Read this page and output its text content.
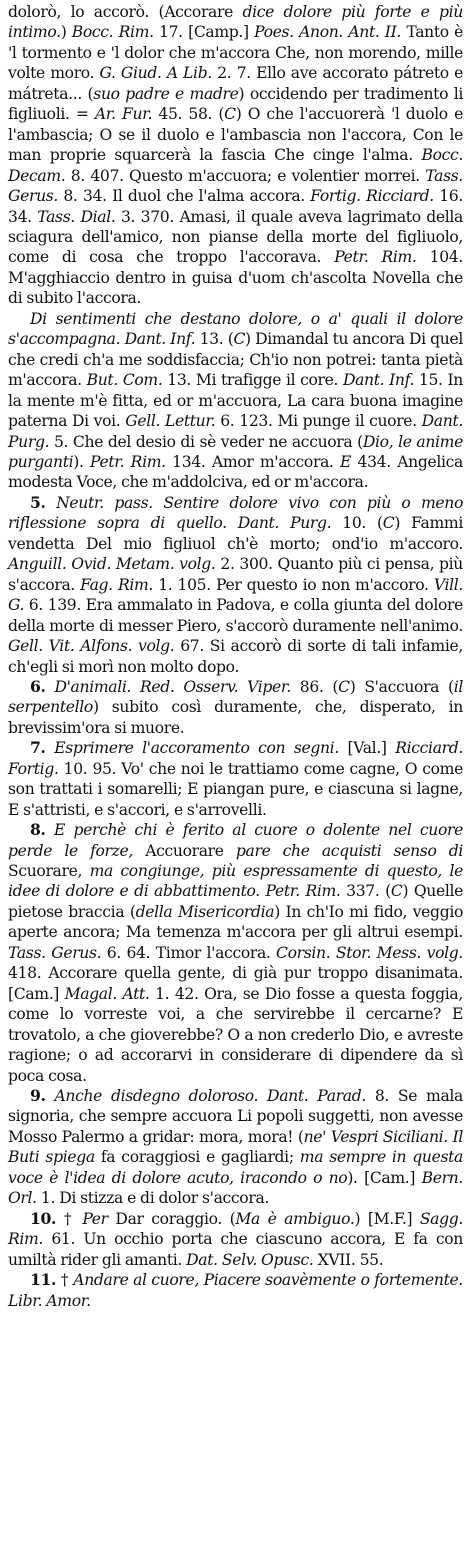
dolorò, lo accorò. (Accorare dice dolore più forte e più intimo.) Bocc. Rim. 17. [Camp.] Poes. Anon. Ant. II. Tanto è 'l tormento e 'l dolor che m'accora Che, non morendo, mille volte moro. G. Giud. A Lib. 2. 7. Ello ave accorato pátreto e mátreta... (suo padre e madre) occidendo per tradimento li figliuoli. = Ar. Fur. 45. 58. (C) O che l'accuorerà 'l duolo e l'ambascia; O se il duolo e l'ambascia non l'accora, Con le man proprie squarcerà la fascia Che cinge l'alma. Bocc. Decam. 8. 407. Questo m'accuora; e volentier morrei. Tass. Gerus. 8. 34. Il duol che l'alma accora. Fortig. Ricciard. 16. 34. Tass. Dial. 3. 370. Amasi, il quale aveva lagrimato della sciagura dell'amico, non pianse della morte del figliuolo, come di cosa che troppo l'accorava. Petr. Rim. 104. M'agghiaccio dentro in guisa d'uom ch'ascolta Novella che di subito l'accora.

Di sentimenti che destano dolore, o a' quali il dolore s'accompagna. Dant. Inf. 13. (C) Dimandal tu ancora Di quel che credi ch'a me soddisfaccia; Ch'io non potrei: tanta pietà m'accora. But. Com. 13. Mi trafigge il core. Dant. Inf. 15. In la mente m'è fitta, ed or m'accuora, La cara buona imagine paterna Di voi. Gell. Lettur. 6. 123. Mi punge il cuore. Dant. Purg. 5. Che del desio di sè veder ne accuora (Dio, le anime purganti). Petr. Rim. 134. Amor m'accora. E 434. Angelica modesta Voce, che m'addolciva, ed or m'accora.

5. Neutr. pass. Sentire dolore vivo con più o meno riflessione sopra di quello. Dant. Purg. 10. (C) Fammi vendetta Del mio figliuol ch'è morto; ond'io m'accoro. Anguill. Ovid. Metam. volg. 2. 300. Quanto più ci pensa, più s'accora. Fag. Rim. 1. 105. Per questo io non m'accoro. Vill. G. 6. 139. Era ammalato in Padova, e colla giunta del dolore della morte di messer Piero, s'accorò duramente nell'animo. Gell. Vit. Alfons. volg. 67. Si accorò di sorte di tali infamie, ch'egli si morì non molto dopo.

6. D'animali. Red. Osserv. Viper. 86. (C) S'accuora (il serpentello) subito così duramente, che, disperato, in brevissim'ora si muore.

7. Esprimere l'accoramento con segni. [Val.] Ricciard. Fortig. 10. 95. Vo' che noi le trattiamo come cagne, O come son trattati i somarelli; E piangan pure, e ciascuna si lagne, E s'attristi, e s'accori, e s'arrovelli.

8. E perchè chi è ferito al cuore o dolente nel cuore perde le forze, Accuorare pare che acquisti senso di Scuorare, ma congiunge, più espressamente di questo, le idee di dolore e di abbattimento. Petr. Rim. 337. (C) Quelle pietose braccia (della Misericordia) In ch'Io mi fido, veggio aperte ancora; Ma temenza m'accora per gli altrui esempi. Tass. Gerus. 6. 64. Timor l'accora. Corsin. Stor. Mess. volg. 418. Accorare quella gente, di già pur troppo disanimata. [Cam.] Magal. Att. 1. 42. Ora, se Dio fosse a questa foggia, come lo vorreste voi, a che servirebbe il cercarne? E trovatolo, a che gioverebbe? O a non crederlo Dio, e avreste ragione; o ad accorarvi in considerare di dipendere da sì poca cosa.

9. Anche disdegno doloroso. Dant. Parad. 8. Se mala signoria, che sempre accuora Li popoli suggetti, non avesse Mosso Palermo a gridar: mora, mora! (ne' Vespri Siciliani. Il Buti spiega fa coraggiosi e gagliardi; ma sempre in questa voce è l'idea di dolore acuto, iracondo o no). [Cam.] Bern. Orl. 1. Di stizza e di dolor s'accora.

10. † Per Dar coraggio. (Ma è ambiguo.) [M.F.] Sagg. Rim. 61. Un occhio porta che ciascuno accora, E fa con umiltà rider gli amanti. Dat. Selv. Opusc. XVII. 55.

11. † Andare al cuore, Piacere soavèmente o fortemente. Libr. Amor.
